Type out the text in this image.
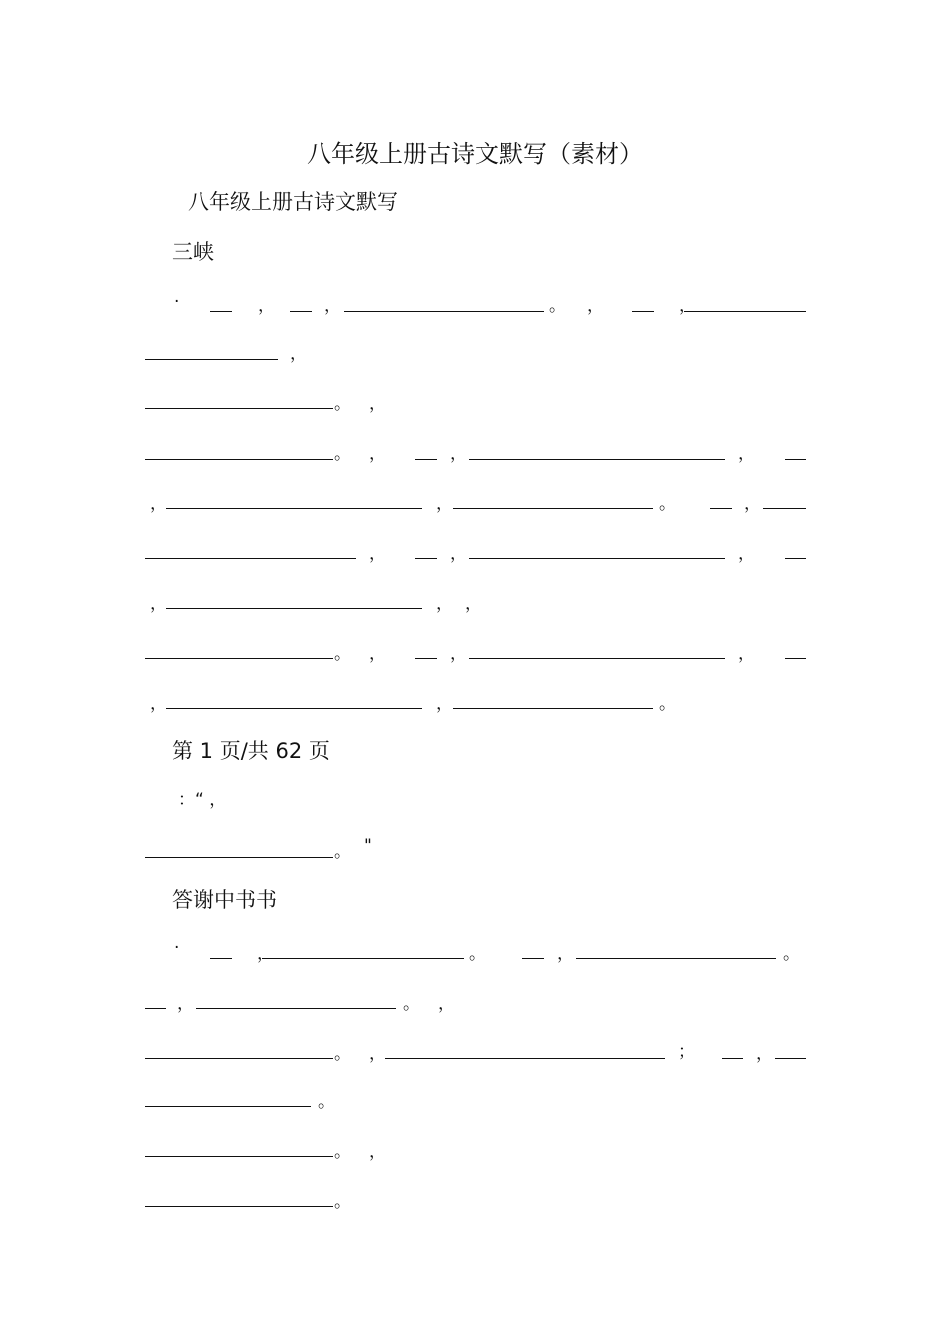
八年级上册古诗文默写（素材）
八年级上册古诗文默写
三峡
·	，	，	。 ，	，
，
。 ，
。 ，	，	，
，	，	。	，
，	，	，
，	， ，
。 ，	，	，
，	，	。
第 1 页/共 62 页
：“ ，
。 "
答谢中书书
·	，	。	，	。
，	。 ，
。 ，	；	，
。
。 ，
。
